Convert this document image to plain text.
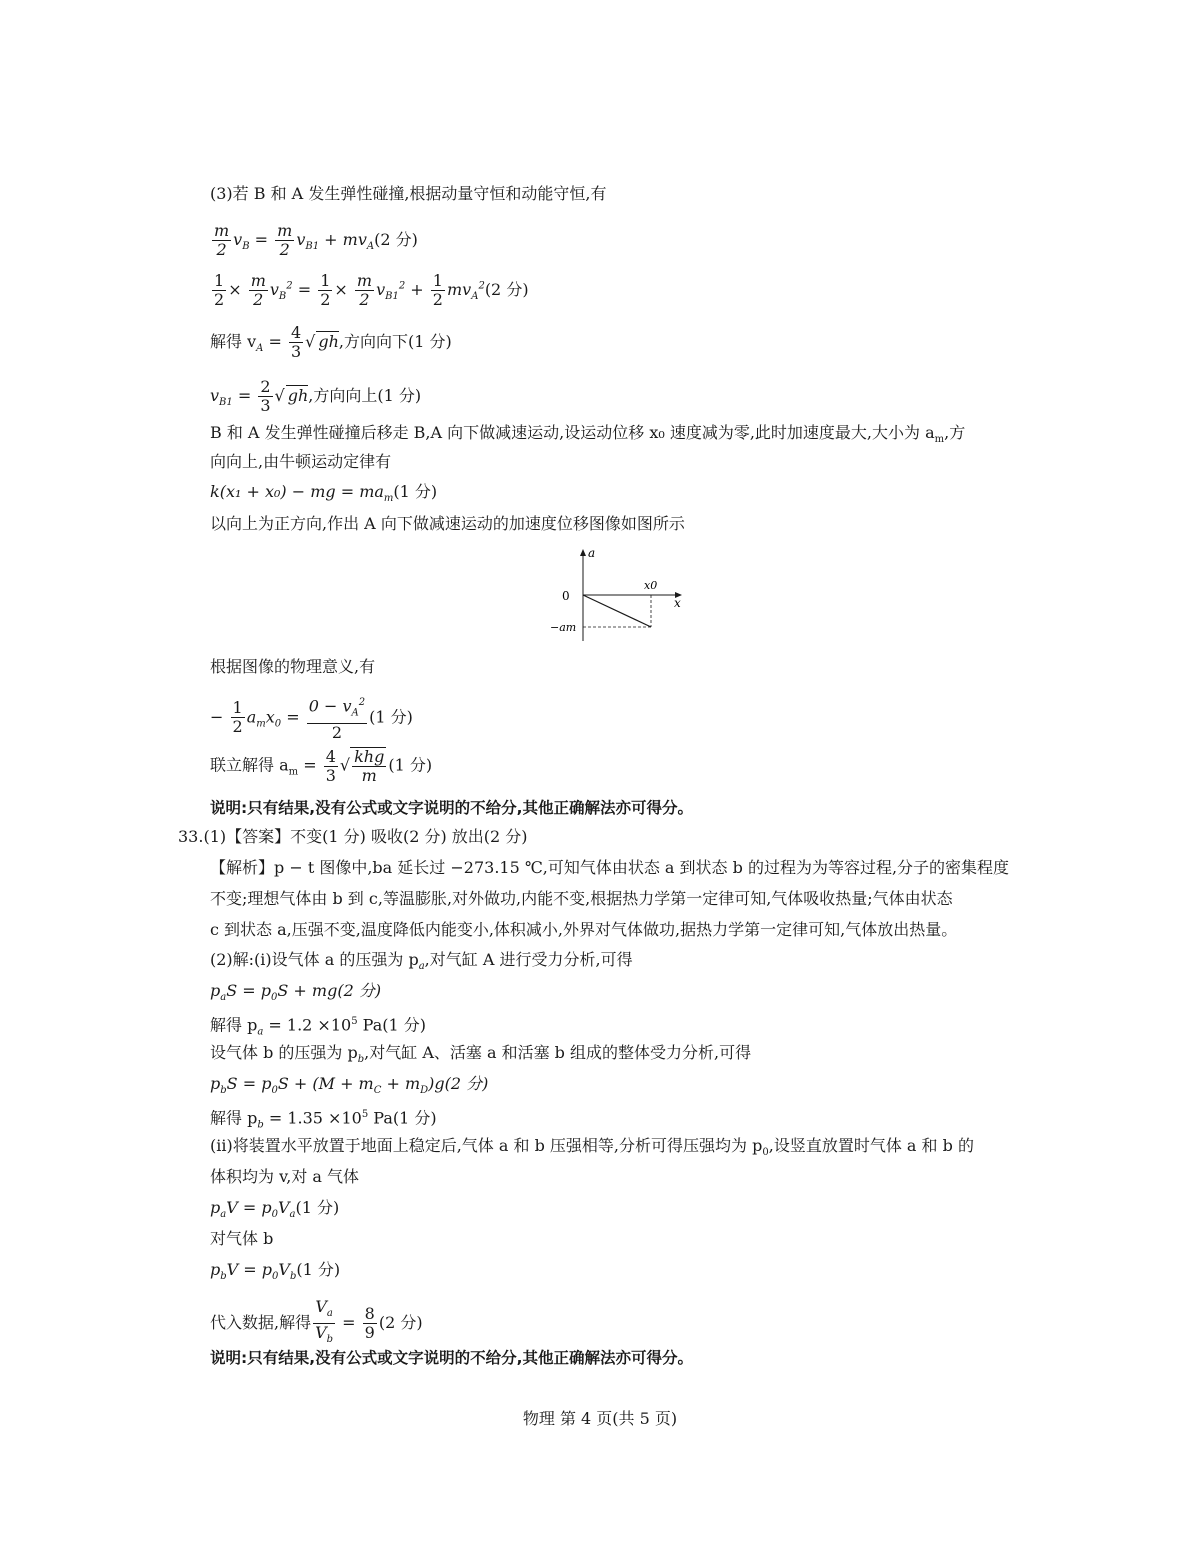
(3)若 B 和 A 发生弹性碰撞,根据动量守恒和动能守恒,有
$\frac{m}{2} v_B = \frac{m}{2} v_{B1} + mv_A(2$ 分)
$\frac{1}{2} \times \frac{m}{2} v_B^2 = \frac{1}{2} \times \frac{m}{2} v_{B1}^2 + \frac{1}{2} mv_A^2(2$ 分)
解得 $v_A = \frac{4}{3}$ √ gh,方向向下(1 分)
$v_{B1} = \frac{2}{3}$ √ gh,方向向上(1 分)
B 和 A 发生弹性碰撞后移走 B,A 向下做减速运动,设运动位移 x₀ 速度减为零,此时加速度最大,大小为 $a_m$,方
向向上,由牛顿运动定律有
k(x₁ + x₀) − mg = $ma_m(1$ 分)
以向上为正方向,作出 A 向下做减速运动的加速度位移图像如图所示
a
x
0
x0
−am
根据图像的物理意义,有
− $\frac{1}{2} a_mx_0 = \frac{0 - v_A^2}{2} (1$ 分)
联立解得 $a_m = \frac{4}{3}$ √ $\frac{\text{khg}}{m} (1$ 分)
说明:只有结果,没有公式或文字说明的不给分,其他正确解法亦可得分。
33.(1)【答案】不变(1 分) 吸收(2 分) 放出(2 分)
【解析】p − t 图像中,ba 延长过 −273.15 ℃,可知气体由状态 a 到状态 b 的过程为为等容过程,分子的密集程度
不变;理想气体由 b 到 c,等温膨胀,对外做功,内能不变,根据热力学第一定律可知,气体吸收热量;气体由状态
c 到状态 a,压强不变,温度降低内能变小,体积减小,外界对气体做功,据热力学第一定律可知,气体放出热量。
(2)解:(ⅰ)设气体 a 的压强为 $p_a$,对气缸 A 进行受力分析,可得
$p_aS = p_0S + mg(2$ 分)
解得 $p_a = 1.2 \times 10^5$ Pa(1 分)
设气体 b 的压强为 $p_b$,对气缸 A、活塞 a 和活塞 b 组成的整体受力分析,可得
$p_bS = p_0S + (M + m_C + m_D)g(2$ 分)
解得 $p_b = 1.35 \times 10^5$ Pa(1 分)
(ⅱ)将装置水平放置于地面上稳定后,气体 a 和 b 压强相等,分析可得压强均为 $p_0$,设竖直放置时气体 a 和 b 的
体积均为 v,对 a 气体
$p_aV = p_0V_a(1$ 分)
对气体 b
$p_bV = p_0V_b(1$ 分)
代入数据,解得 $\frac{V_a}{V_b} = \frac{8}{9} (2$ 分)
说明:只有结果,没有公式或文字说明的不给分,其他正确解法亦可得分。
物理 第 4 页(共 5 页)
